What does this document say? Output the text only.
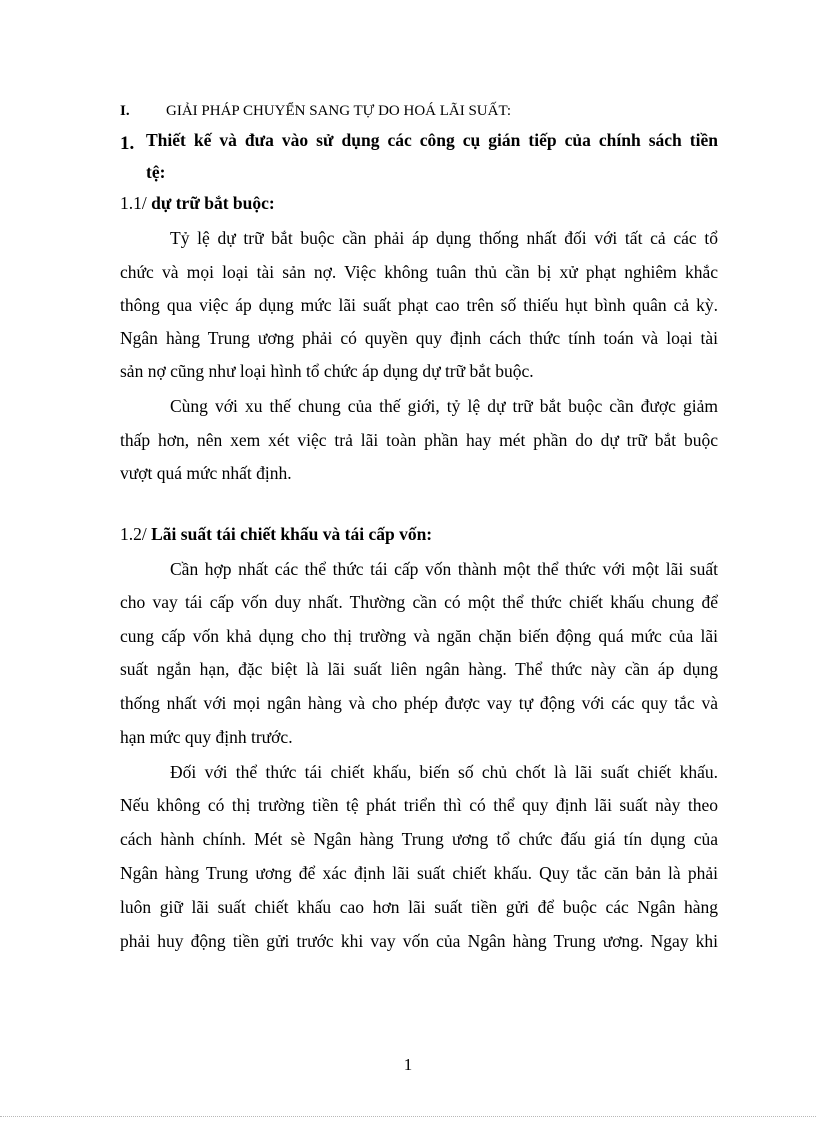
I. GIẢI PHÁP CHUYỂN SANG TỰ DO HOÁ LÃI SUẤT:
1. Thiết kế và đưa vào sử dụng các công cụ gián tiếp của chính sách tiền
tệ:
1.1/ dự trữ bắt buộc:
Tỷ lệ dự trữ bắt buộc cần phải áp dụng thống nhất đối với tất cả các tổ
chức và mọi loại tài sản nợ. Việc không tuân thủ cần bị xử phạt nghiêm khắc
thông qua việc áp dụng mức lãi suất phạt cao trên số thiếu hụt bình quân cả kỳ.
Ngân hàng Trung ương phải có quyền quy định cách thức tính toán và loại tài
sản nợ cũng như loại hình tổ chức áp dụng dự trữ bắt buộc.
Cùng với xu thế chung của thế giới, tỷ lệ dự trữ bắt buộc cần được giảm
thấp hơn, nên xem xét việc trả lãi toàn phần hay mét phần do dự trữ bắt buộc
vượt quá mức nhất định.
1.2/ Lãi suất tái chiết khấu và tái cấp vốn:
Cần hợp nhất các thể thức tái cấp vốn thành một thể thức với một lãi suất
cho vay tái cấp vốn duy nhất. Thường cần có một thể thức chiết khấu chung để
cung cấp vốn khả dụng cho thị trường và ngăn chặn biến động quá mức của lãi
suất ngắn hạn, đặc biệt là lãi suất liên ngân hàng. Thể thức này cần áp dụng
thống nhất với mọi ngân hàng và cho phép được vay tự động với các quy tắc và
hạn mức quy định trước.
Đối với thể thức tái chiết khấu, biến số chủ chốt là lãi suất chiết khấu.
Nếu không có thị trường tiền tệ phát triển thì có thể quy định lãi suất này theo
cách hành chính. Mét sè Ngân hàng Trung ương tổ chức đấu giá tín dụng của
Ngân hàng Trung ương để xác định lãi suất chiết khấu. Quy tắc căn bản là phải
luôn giữ lãi suất chiết khấu cao hơn lãi suất tiền gửi để buộc các Ngân hàng
phải huy động tiền gửi trước khi vay vốn của Ngân hàng Trung ương. Ngay khi
1
